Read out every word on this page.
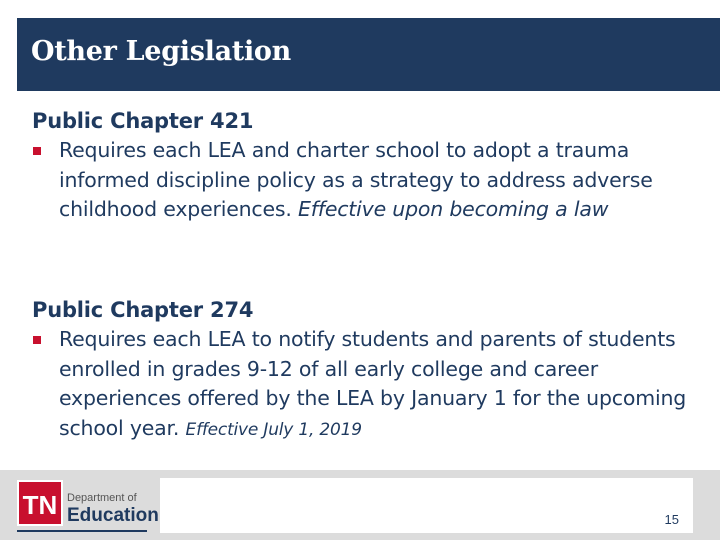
Other Legislation
Public Chapter 421
Requires each LEA and charter school to adopt a trauma informed discipline policy as a strategy to address adverse childhood experiences. Effective upon becoming a law
Public Chapter 274
Requires each LEA to notify students and parents of students enrolled in grades 9-12 of all early college and career experiences offered by the LEA by January 1 for the upcoming school year. Effective July 1, 2019
TN Department of
Education	15
